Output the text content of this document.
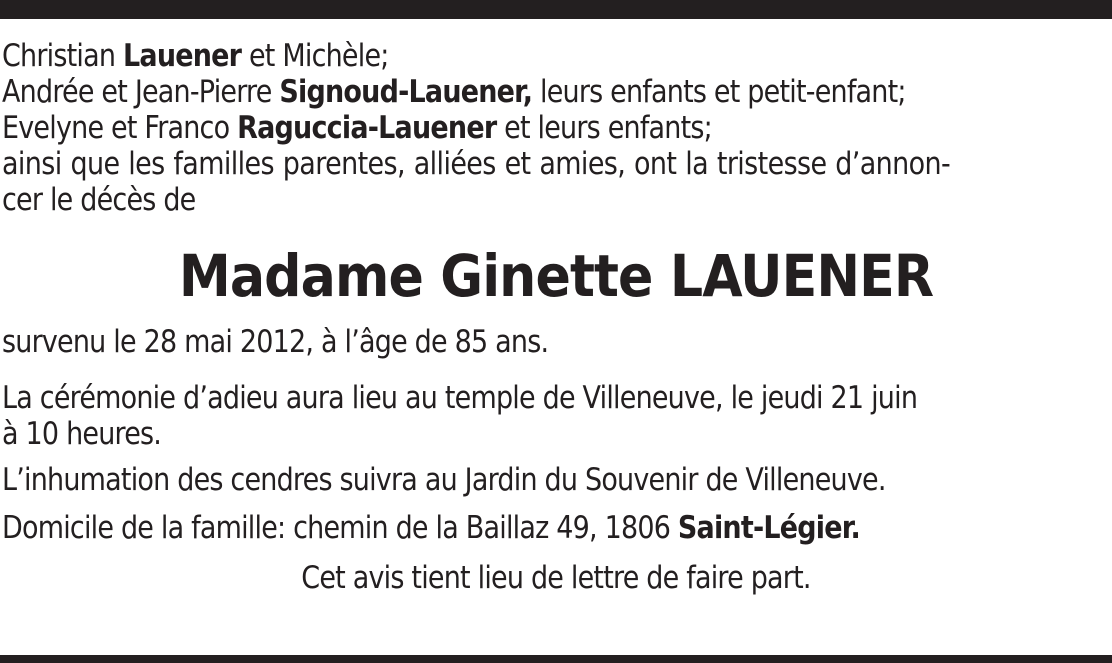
Christian Lauener et Michèle;
Andrée et Jean-Pierre Signoud-Lauener, leurs enfants et petit-enfant;
Evelyne et Franco Raguccia-Lauener et leurs enfants;
ainsi que les familles parentes, alliées et amies, ont la tristesse d’annon-
cer le décès de
Madame Ginette LAUENER
survenu le 28 mai 2012, à l’âge de 85 ans.
La cérémonie d’adieu aura lieu au temple de Villeneuve, le jeudi 21 juin
à 10 heures.
L’inhumation des cendres suivra au Jardin du Souvenir de Villeneuve.
Domicile de la famille: chemin de la Baillaz 49, 1806 Saint-Légier.
Cet avis tient lieu de lettre de faire part.
